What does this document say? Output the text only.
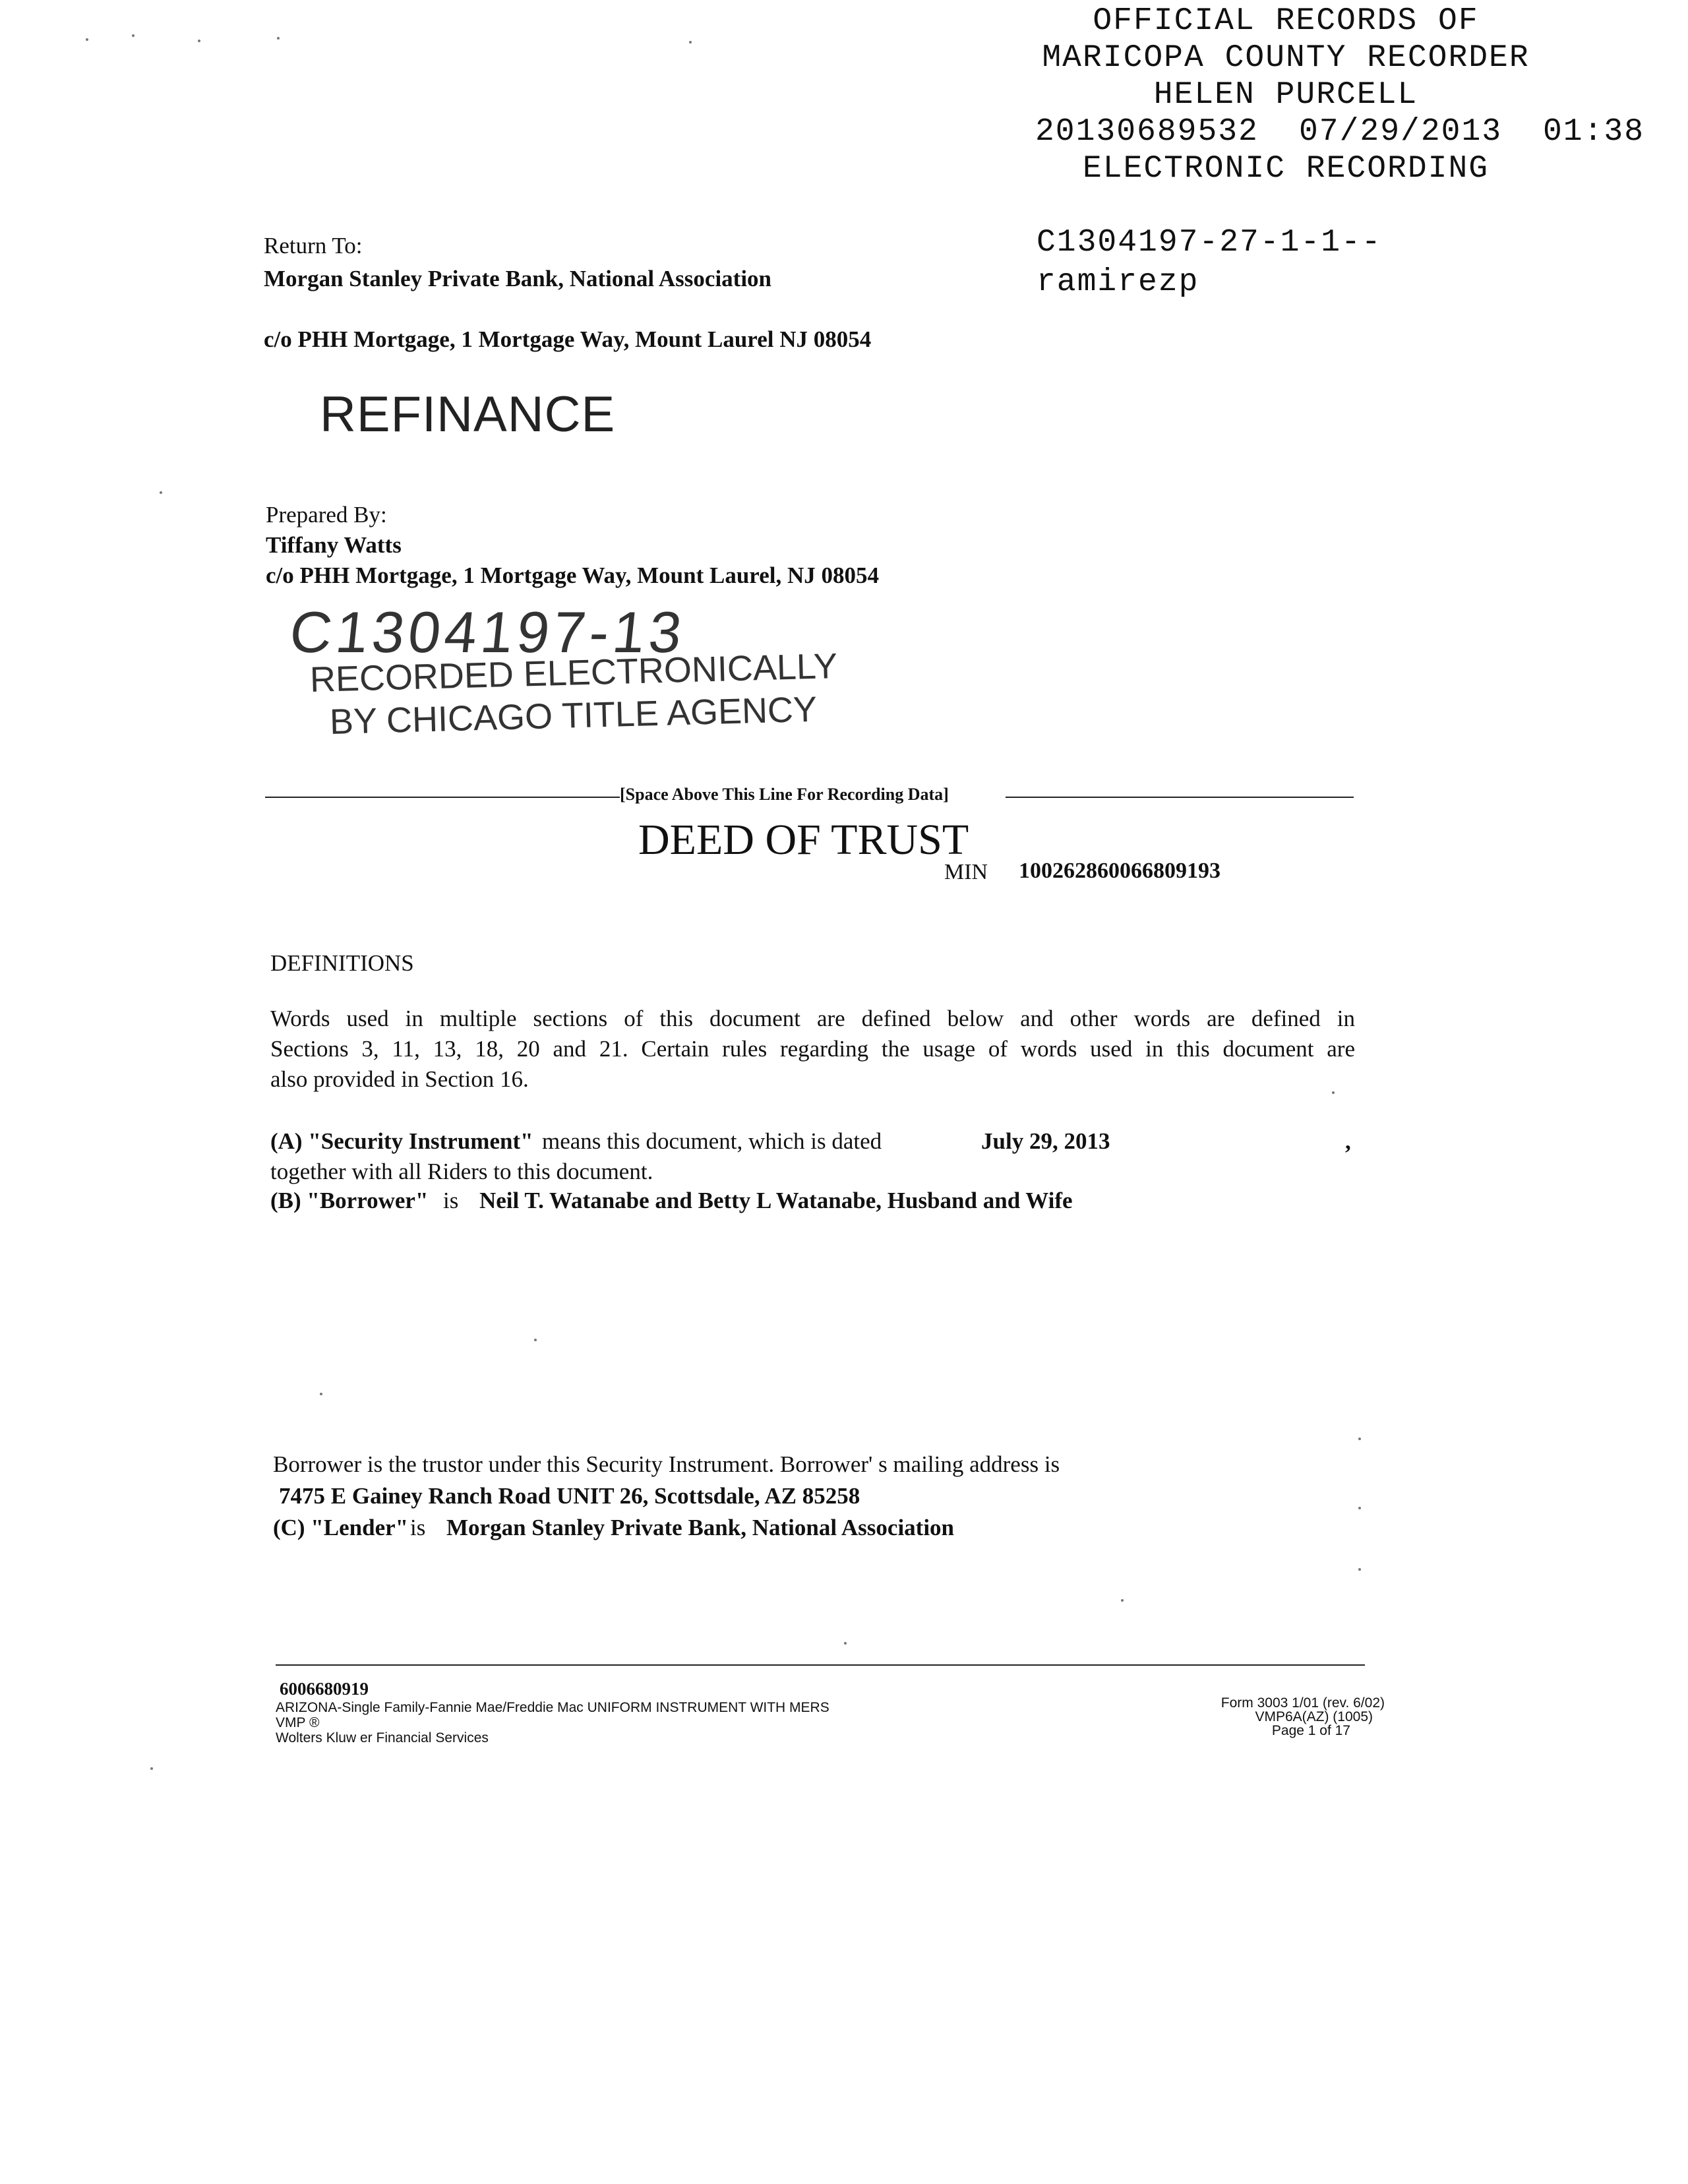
OFFICIAL RECORDS OF
MARICOPA COUNTY RECORDER
HELEN PURCELL
20130689532 07/29/2013 01:38
ELECTRONIC RECORDING
C1304197-27-1-1--
ramirezp
Return To:
Morgan Stanley Private Bank, National Association
c/o PHH Mortgage, 1 Mortgage Way, Mount Laurel NJ 08054
REFINANCE
Prepared By:
Tiffany Watts
c/o PHH Mortgage, 1 Mortgage Way, Mount Laurel, NJ 08054
C1304197-13
RECORDED ELECTRONICALLY
BY CHICAGO TITLE AGENCY
[Space Above This Line For Recording Data]
DEED OF TRUST
MIN 100262860066809193
DEFINITIONS
Words used in multiple sections of this document are defined below and other words are defined in
Sections 3, 11, 13, 18, 20 and 21. Certain rules regarding the usage of words used in this document are
also provided in Section 16.
(A) "Security Instrument" means this document, which is dated	July 29, 2013	,
together with all Riders to this document.
(B) "Borrower" is Neil T. Watanabe and Betty L Watanabe, Husband and Wife
Borrower is the trustor under this Security Instrument. Borrower' s mailing address is
7475 E Gainey Ranch Road UNIT 26, Scottsdale, AZ 85258
(C) "Lender" is Morgan Stanley Private Bank, National Association
6006680919
ARIZONA-Single Family-Fannie Mae/Freddie Mac UNIFORM INSTRUMENT WITH MERS
VMP ®
Wolters Kluw er Financial Services
Form 3003 1/01 (rev. 6/02)
VMP6A(AZ) (1005)
Page 1 of 17
